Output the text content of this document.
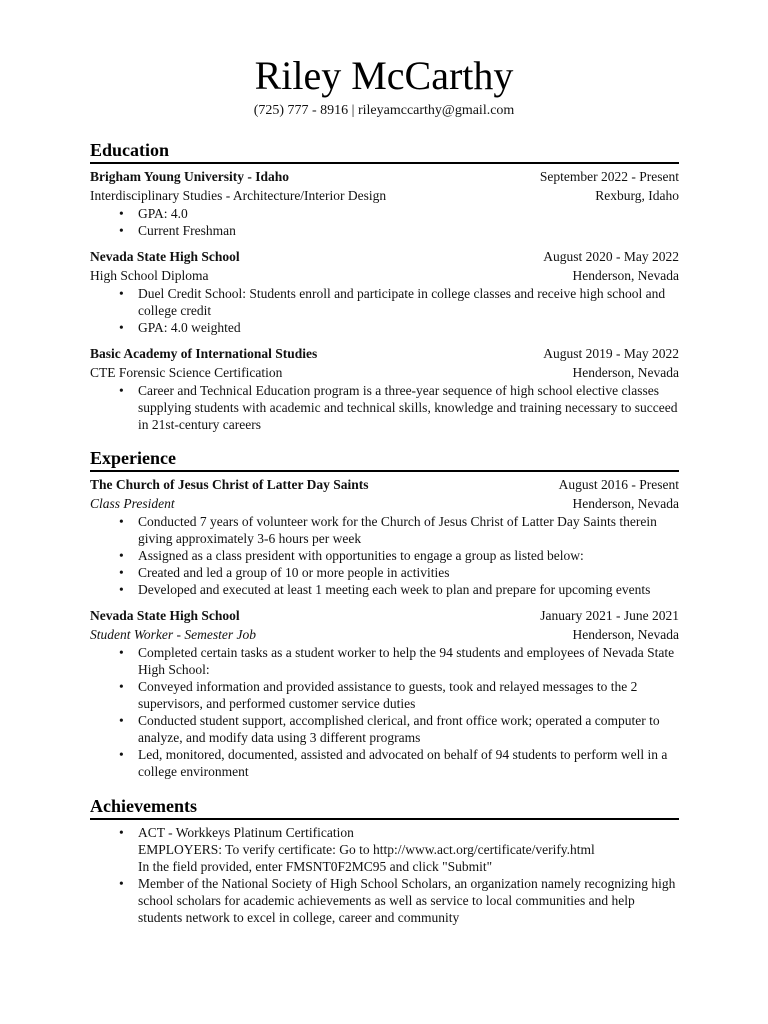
Riley McCarthy
(725) 777 - 8916 | rileyamccarthy@gmail.com
Education
Brigham Young University - Idaho	September 2022 - Present
Interdisciplinary Studies - Architecture/Interior Design	Rexburg, Idaho
• GPA: 4.0
• Current Freshman
Nevada State High School	August 2020 - May 2022
High School Diploma	Henderson, Nevada
• Duel Credit School: Students enroll and participate in college classes and receive high school and college credit
• GPA: 4.0 weighted
Basic Academy of International Studies	August 2019 - May 2022
CTE Forensic Science Certification	Henderson, Nevada
• Career and Technical Education program is a three-year sequence of high school elective classes supplying students with academic and technical skills, knowledge and training necessary to succeed in 21st-century careers
Experience
The Church of Jesus Christ of Latter Day Saints	August 2016 - Present
Class President	Henderson, Nevada
• Conducted 7 years of volunteer work for the Church of Jesus Christ of Latter Day Saints therein giving approximately 3-6 hours per week
• Assigned as a class president with opportunities to engage a group as listed below:
• Created and led a group of 10 or more people in activities
• Developed and executed at least 1 meeting each week to plan and prepare for upcoming events
Nevada State High School	January 2021 - June 2021
Student Worker - Semester Job	Henderson, Nevada
• Completed certain tasks as a student worker to help the 94 students and employees of Nevada State High School:
• Conveyed information and provided assistance to guests, took and relayed messages to the 2 supervisors, and performed customer service duties
• Conducted student support, accomplished clerical, and front office work; operated a computer to analyze, and modify data using 3 different programs
• Led, monitored, documented, assisted and advocated on behalf of 94 students to perform well in a college environment
Achievements
• ACT - Workkeys Platinum Certification
EMPLOYERS: To verify certificate: Go to http://www.act.org/certificate/verify.html
In the field provided, enter FMSNT0F2MC95 and click "Submit"
• Member of the National Society of High School Scholars, an organization namely recognizing high school scholars for academic achievements as well as service to local communities and help students network to excel in college, career and community
